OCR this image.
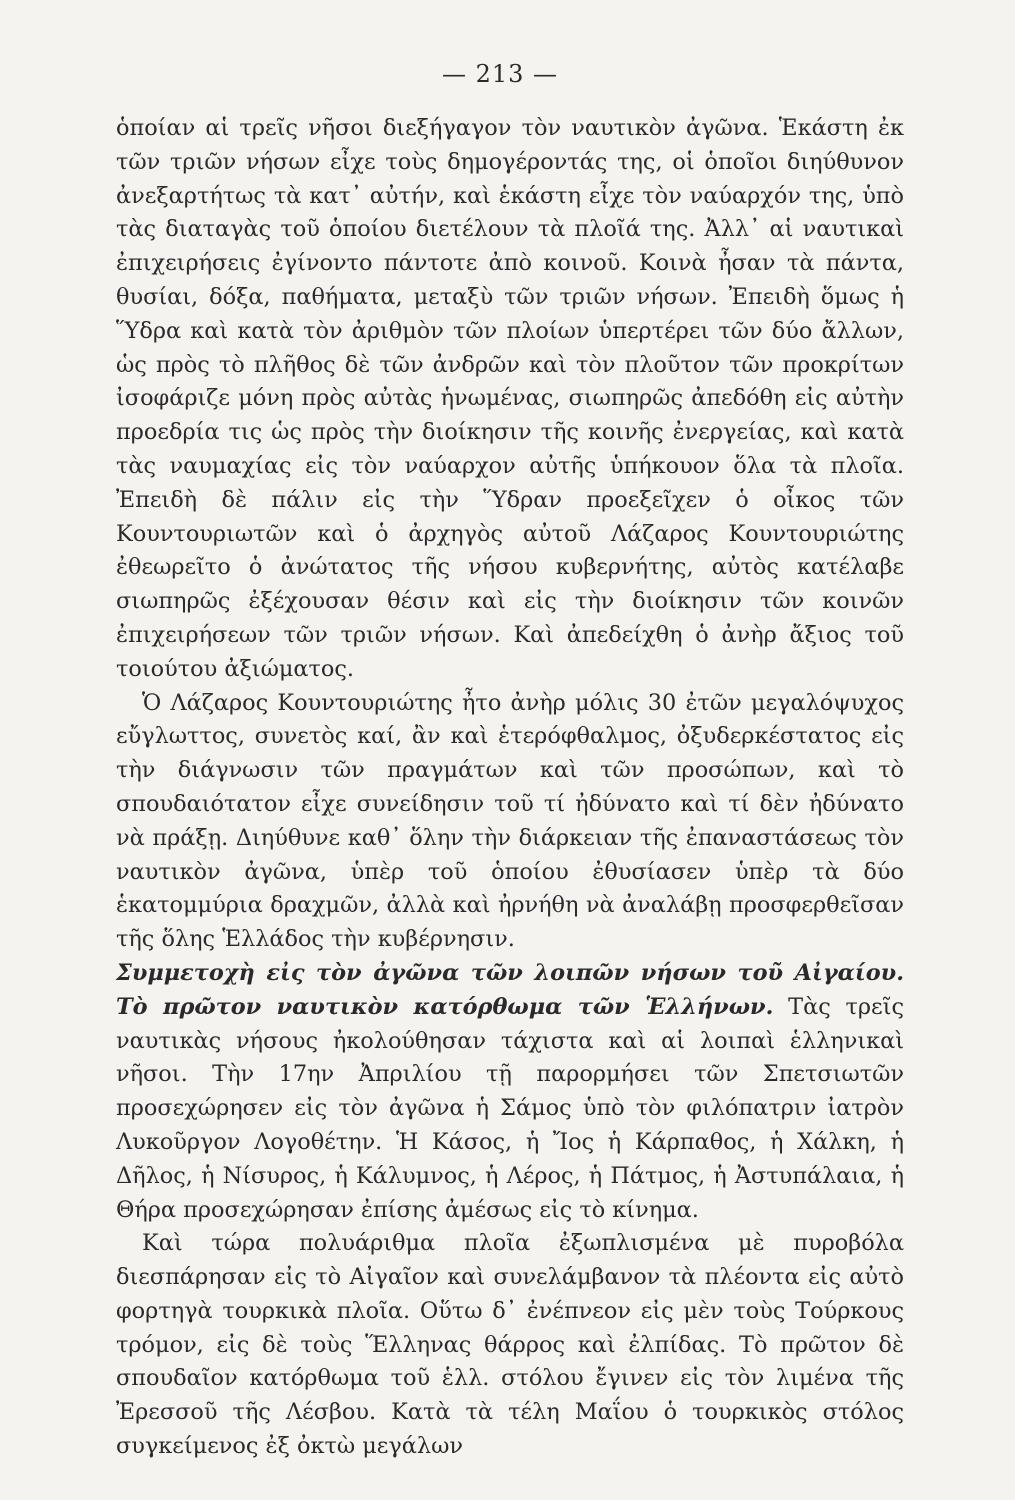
— 213 —

ὁποίαν αἱ τρεῖς νῆσοι διεξήγαγον τὸν ναυτικὸν ἀγῶνα. Ἑκάστη ἐκ τῶν τριῶν νήσων εἶχε τοὺς δημογέροντάς της, οἱ ὁποῖοι διηύθυνον ἀνεξαρτήτως τὰ κατ᾽ αὐτήν, καὶ ἑκάστη εἶχε τὸν ναύαρχόν της, ὑπὸ τὰς διαταγὰς τοῦ ὁποίου διετέλουν τὰ πλοῖά της. Ἀλλ᾽ αἱ ναυτικαὶ ἐπιχειρήσεις ἐγίνοντο πάντοτε ἀπὸ κοινοῦ. Κοινὰ ἦσαν τὰ πάντα, θυσίαι, δόξα, παθήματα, μεταξὺ τῶν τριῶν νήσων. Ἐπειδὴ ὅμως ἡ Ὕδρα καὶ κατὰ τὸν ἀριθμὸν τῶν πλοίων ὑπερτέρει τῶν δύο ἄλλων, ὡς πρὸς τὸ πλῆθος δὲ τῶν ἀνδρῶν καὶ τὸν πλοῦτον τῶν προκρίτων ἰσοφάριζε μόνη πρὸς αὐτὰς ἡνωμένας, σιωπηρῶς ἀπεδόθη εἰς αὐτὴν προεδρία τις ὡς πρὸς τὴν διοίκησιν τῆς κοινῆς ἐνεργείας, καὶ κατὰ τὰς ναυμαχίας εἰς τὸν ναύαρχον αὐτῆς ὑπήκουον ὅλα τὰ πλοῖα. Ἐπειδὴ δὲ πάλιν εἰς τὴν Ὕδραν προεξεῖχεν ὁ οἶκος τῶν Κουντουριωτῶν καὶ ὁ ἀρχηγὸς αὐτοῦ Λάζαρος Κουντουριώτης ἐθεωρεῖτο ὁ ἀνώτατος τῆς νήσου κυβερνήτης, αὐτὸς κατέλαβε σιωπηρῶς ἐξέχουσαν θέσιν καὶ εἰς τὴν διοίκησιν τῶν κοινῶν ἐπιχειρήσεων τῶν τριῶν νήσων. Καὶ ἀπεδείχθη ὁ ἀνὴρ ἄξιος τοῦ τοιούτου ἀξιώματος.

Ὁ Λάζαρος Κουντουριώτης ἦτο ἀνὴρ μόλις 30 ἐτῶν μεγαλόψυχος εὔγλωττος, συνετὸς καί, ἂν καὶ ἑτερόφθαλμος, ὀξυδερκέστατος εἰς τὴν διάγνωσιν τῶν πραγμάτων καὶ τῶν προσώπων, καὶ τὸ σπουδαιότατον εἶχε συνείδησιν τοῦ τί ἠδύνατο καὶ τί δὲν ἠδύνατο νὰ πράξῃ. Διηύθυνε καθ᾽ ὅλην τὴν διάρκειαν τῆς ἐπαναστάσεως τὸν ναυτικὸν ἀγῶνα, ὑπὲρ τοῦ ὁποίου ἐθυσίασεν ὑπὲρ τὰ δύο ἑκατομμύρια δραχμῶν, ἀλλὰ καὶ ἠρνήθη νὰ ἀναλάβῃ προσφερθεῖσαν τῆς ὅλης Ἑλλάδος τὴν κυβέρνησιν.

Συμμετοχὴ εἰς τὸν ἀγῶνα τῶν λοιπῶν νήσων τοῦ Αἰγαίου. Τὸ πρῶτον ναυτικὸν κατόρθωμα τῶν Ἑλλήνων. Τὰς τρεῖς ναυτικὰς νήσους ἠκολούθησαν τάχιστα καὶ αἱ λοιπαὶ ἑλληνικαὶ νῆσοι. Τὴν 17ην Ἀπριλίου τῇ παρορμήσει τῶν Σπετσιωτῶν προσεχώρησεν εἰς τὸν ἀγῶνα ἡ Σάμος ὑπὸ τὸν φιλόπατριν ἰατρὸν Λυκοῦργον Λογοθέτην. Ἡ Κάσος, ἡ Ἴος ἡ Κάρπαθος, ἡ Χάλκη, ἡ Δῆλος, ἡ Νίσυρος, ἡ Κάλυμνος, ἡ Λέρος, ἡ Πάτμος, ἡ Ἀστυπάλαια, ἡ Θήρα προσεχώρησαν ἐπίσης ἀμέσως εἰς τὸ κίνημα.

Καὶ τώρα πολυάριθμα πλοῖα ἐξωπλισμένα μὲ πυροβόλα διεσπάρησαν εἰς τὸ Αἰγαῖον καὶ συνελάμβανον τὰ πλέοντα εἰς αὐτὸ φορτηγὰ τουρκικὰ πλοῖα. Οὕτω δ᾽ ἐνέπνεον εἰς μὲν τοὺς Τούρκους τρόμον, εἰς δὲ τοὺς Ἕλληνας θάρρος καὶ ἐλπίδας. Τὸ πρῶτον δὲ σπουδαῖον κατόρθωμα τοῦ ἑλλ. στόλου ἔγινεν εἰς τὸν λιμένα τῆς Ἐρεσσοῦ τῆς Λέσβου. Κατὰ τὰ τέλη Μαΐου ὁ τουρκικὸς στόλος συγκείμενος ἐξ ὀκτὼ μεγάλων
